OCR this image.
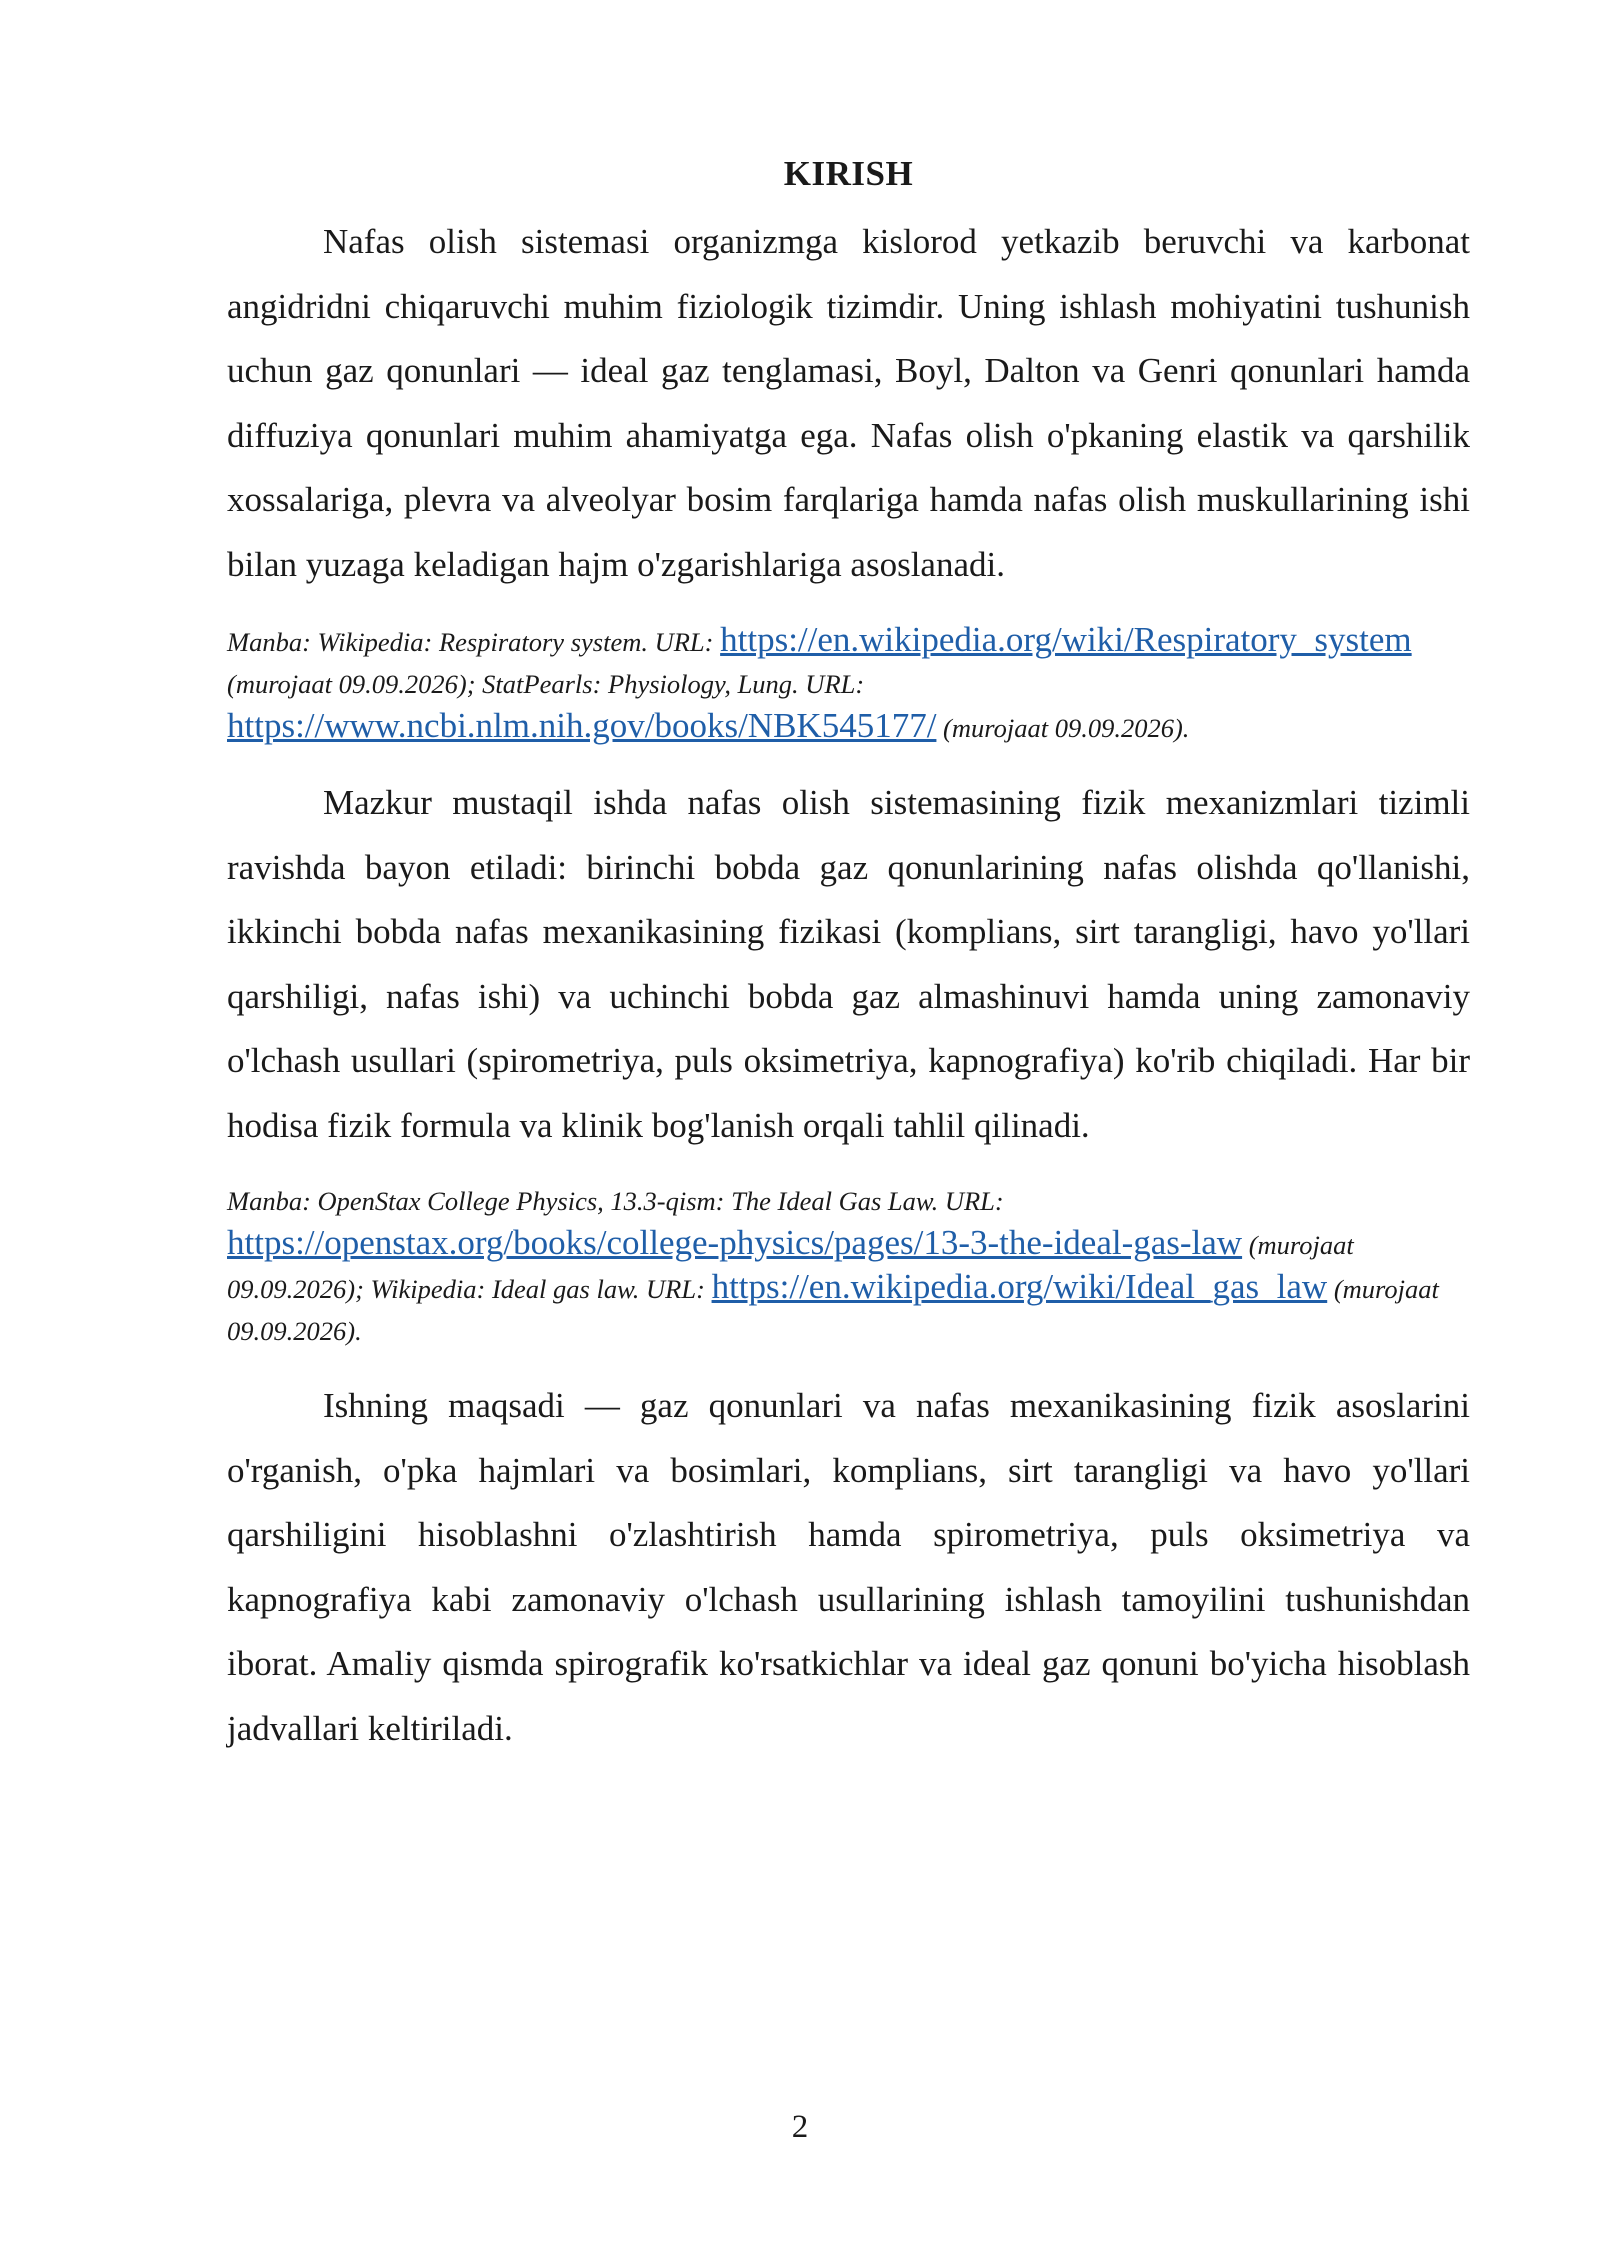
KIRISH

Nafas olish sistemasi organizmga kislorod yetkazib beruvchi va karbonat angidridni chiqaruvchi muhim fiziologik tizimdir. Uning ishlash mohiyatini tushunish uchun gaz qonunlari — ideal gaz tenglamasi, Boyl, Dalton va Genri qonunlari hamda diffuziya qonunlari muhim ahamiyatga ega. Nafas olish o'pkaning elastik va qarshilik xossalariga, plevra va alveolyar bosim farqlariga hamda nafas olish muskullarining ishi bilan yuzaga keladigan hajm o'zgarishlariga asoslanadi.

Manba: Wikipedia: Respiratory system. URL: https://en.wikipedia.org/wiki/Respiratory_system (murojaat 09.09.2026); StatPearls: Physiology, Lung. URL: https://www.ncbi.nlm.nih.gov/books/NBK545177/ (murojaat 09.09.2026).

Mazkur mustaqil ishda nafas olish sistemasining fizik mexanizmlari tizimli ravishda bayon etiladi: birinchi bobda gaz qonunlarining nafas olishda qo'llanishi, ikkinchi bobda nafas mexanikasining fizikasi (komplians, sirt tarangligi, havo yo'llari qarshiligi, nafas ishi) va uchinchi bobda gaz almashinuvi hamda uning zamonaviy o'lchash usullari (spirometriya, puls oksimetriya, kapnografiya) ko'rib chiqiladi. Har bir hodisa fizik formula va klinik bog'lanish orqali tahlil qilinadi.

Manba: OpenStax College Physics, 13.3-qism: The Ideal Gas Law. URL: https://openstax.org/books/college-physics/pages/13-3-the-ideal-gas-law (murojaat 09.09.2026); Wikipedia: Ideal gas law. URL: https://en.wikipedia.org/wiki/Ideal_gas_law (murojaat 09.09.2026).

Ishning maqsadi — gaz qonunlari va nafas mexanikasining fizik asoslarini o'rganish, o'pka hajmlari va bosimlari, komplians, sirt tarangligi va havo yo'llari qarshiligini hisoblashni o'zlashtirish hamda spirometriya, puls oksimetriya va kapnografiya kabi zamonaviy o'lchash usullarining ishlash tamoyilini tushunishdan iborat. Amaliy qismda spirografik ko'rsatkichlar va ideal gaz qonuni bo'yicha hisoblash jadvallari keltiriladi.

2
